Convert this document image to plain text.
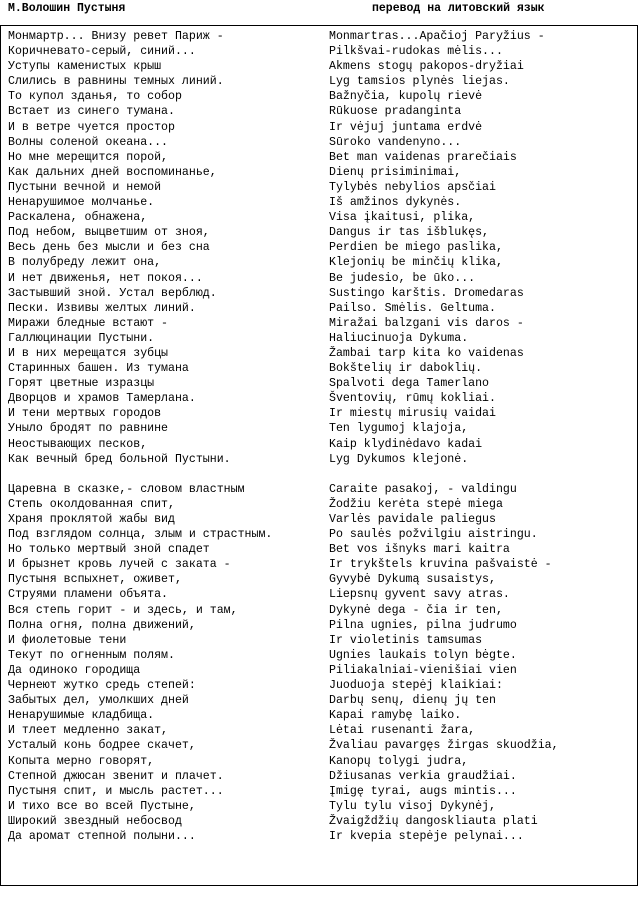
М.Волошин Пустыня	перевод на литовский язык
Монмартр... Внизу ревет Париж -
Коричневато-серый, синий...
Уступы каменистых крыш
Слились в равнины темных линий.
То купол зданья, то собор
Встает из синего тумана.
И в ветре чуется простор
Волны соленой океана...
Но мне мерещится порой,
Как дальних дней воспоминанье,
Пустыни вечной и немой
Ненарушимое молчанье.
Раскалена, обнажена,
Под небом, выцветшим от зноя,
Весь день без мысли и без сна
В полубреду лежит она,
И нет движенья, нет покоя...
Застывший зной. Устал верблюд.
Пески. Извивы желтых линий.
Миражи бледные встают -
Галлюцинации Пустыни.
И в них мерещатся зубцы
Старинных башен. Из тумана
Горят цветные изразцы
Дворцов и храмов Тамерлана.
И тени мертвых городов
Уныло бродят по равнине
Неостывающих песков,
Как вечный бред больной Пустыни.
Царевна в сказке,- словом властным
Степь околдованная спит,
Храня проклятой жабы вид
Под взглядом солнца, злым и страстным.
Но только мертвый зной спадет
И брызнет кровь лучей с заката -
Пустыня вспыхнет, оживет,
Струями пламени объята.
Вся степь горит - и здесь, и там,
Полна огня, полна движений,
И фиолетовые тени
Текут по огненным полям.
Да одиноко городища
Чернеют жутко средь степей:
Забытых дел, умолкших дней
Ненарушимые кладбища.
И тлеет медленно закат,
Усталый конь бодрее скачет,
Копыта мерно говорят,
Степной джюсан звенит и плачет.
Пустыня спит, и мысль растет...
И тихо все во всей Пустыне,
Широкий звездный небосвод
Да аромат степной полыни...
Monmartras...Apačioj Paryžius -
Pilkšvai-rudokas mėlis...
Akmens stogų pakopos-dryžiai
Lyg tamsios plynės liejas.
Bažnyčia, kupolų rievė
Rūkuose pradanginta
Ir vėjuj juntama erdvė
Sūroko vandenyno...
Bet man vaidenas prarečiais
Dienų prisiminimai,
Tylybės nebylios apsčiai
Iš amžinos dykynės.
Visa įkaitusi, plika,
Dangus ir tas išblukęs,
Perdien be miego paslika,
Klejonių be minčių klika,
Be judesio, be ūko...
Sustingo karštis. Dromedaras
Pailso. Smėlis. Geltuma.
Miražai balzgani vis daros -
Haliucinuoja Dykuma.
Žambai tarp kita ko vaidenas
Bokštelių ir daboklių.
Spalvoti dega Tamerlano
Šventovių, rūmų kokliai.
Ir miestų mirusių vaidai
Ten lygumoj klajoja,
Kaip klydinėdavo kadai
Lyg Dykumos klejonė.
Caraite pasakoj, - valdingu
Žodžiu kerėta stepė miega
Varlės pavidale paliegus
Po saulės požvilgiu aistringu.
Bet vos išnyks mari kaitra
Ir trykštels kruvina pašvaistė -
Gyvybė Dykumą susaistys,
Liepsnų gyvent savy atras.
Dykynė dega - čia ir ten,
Pilna ugnies, pilna judrumo
Ir violetinis tamsumas
Ugnies laukais tolyn bėgte.
Piliakalniai-vienišiai vien
Juoduoja stepėj klaikiai:
Darbų senų, dienų jų ten
Kapai ramybę laiko.
Lėtai rusenanti žara,
Žvaliau pavargęs žirgas skuodžia,
Kanopų tolygi judra,
Džiusanas verkia graudžiai.
Įmigę tyrai, augs mintis...
Tylu tylu visoj Dykynėj,
Žvaigždžių dangoskliauta plati
Ir kvepia stepėje pelynai...
